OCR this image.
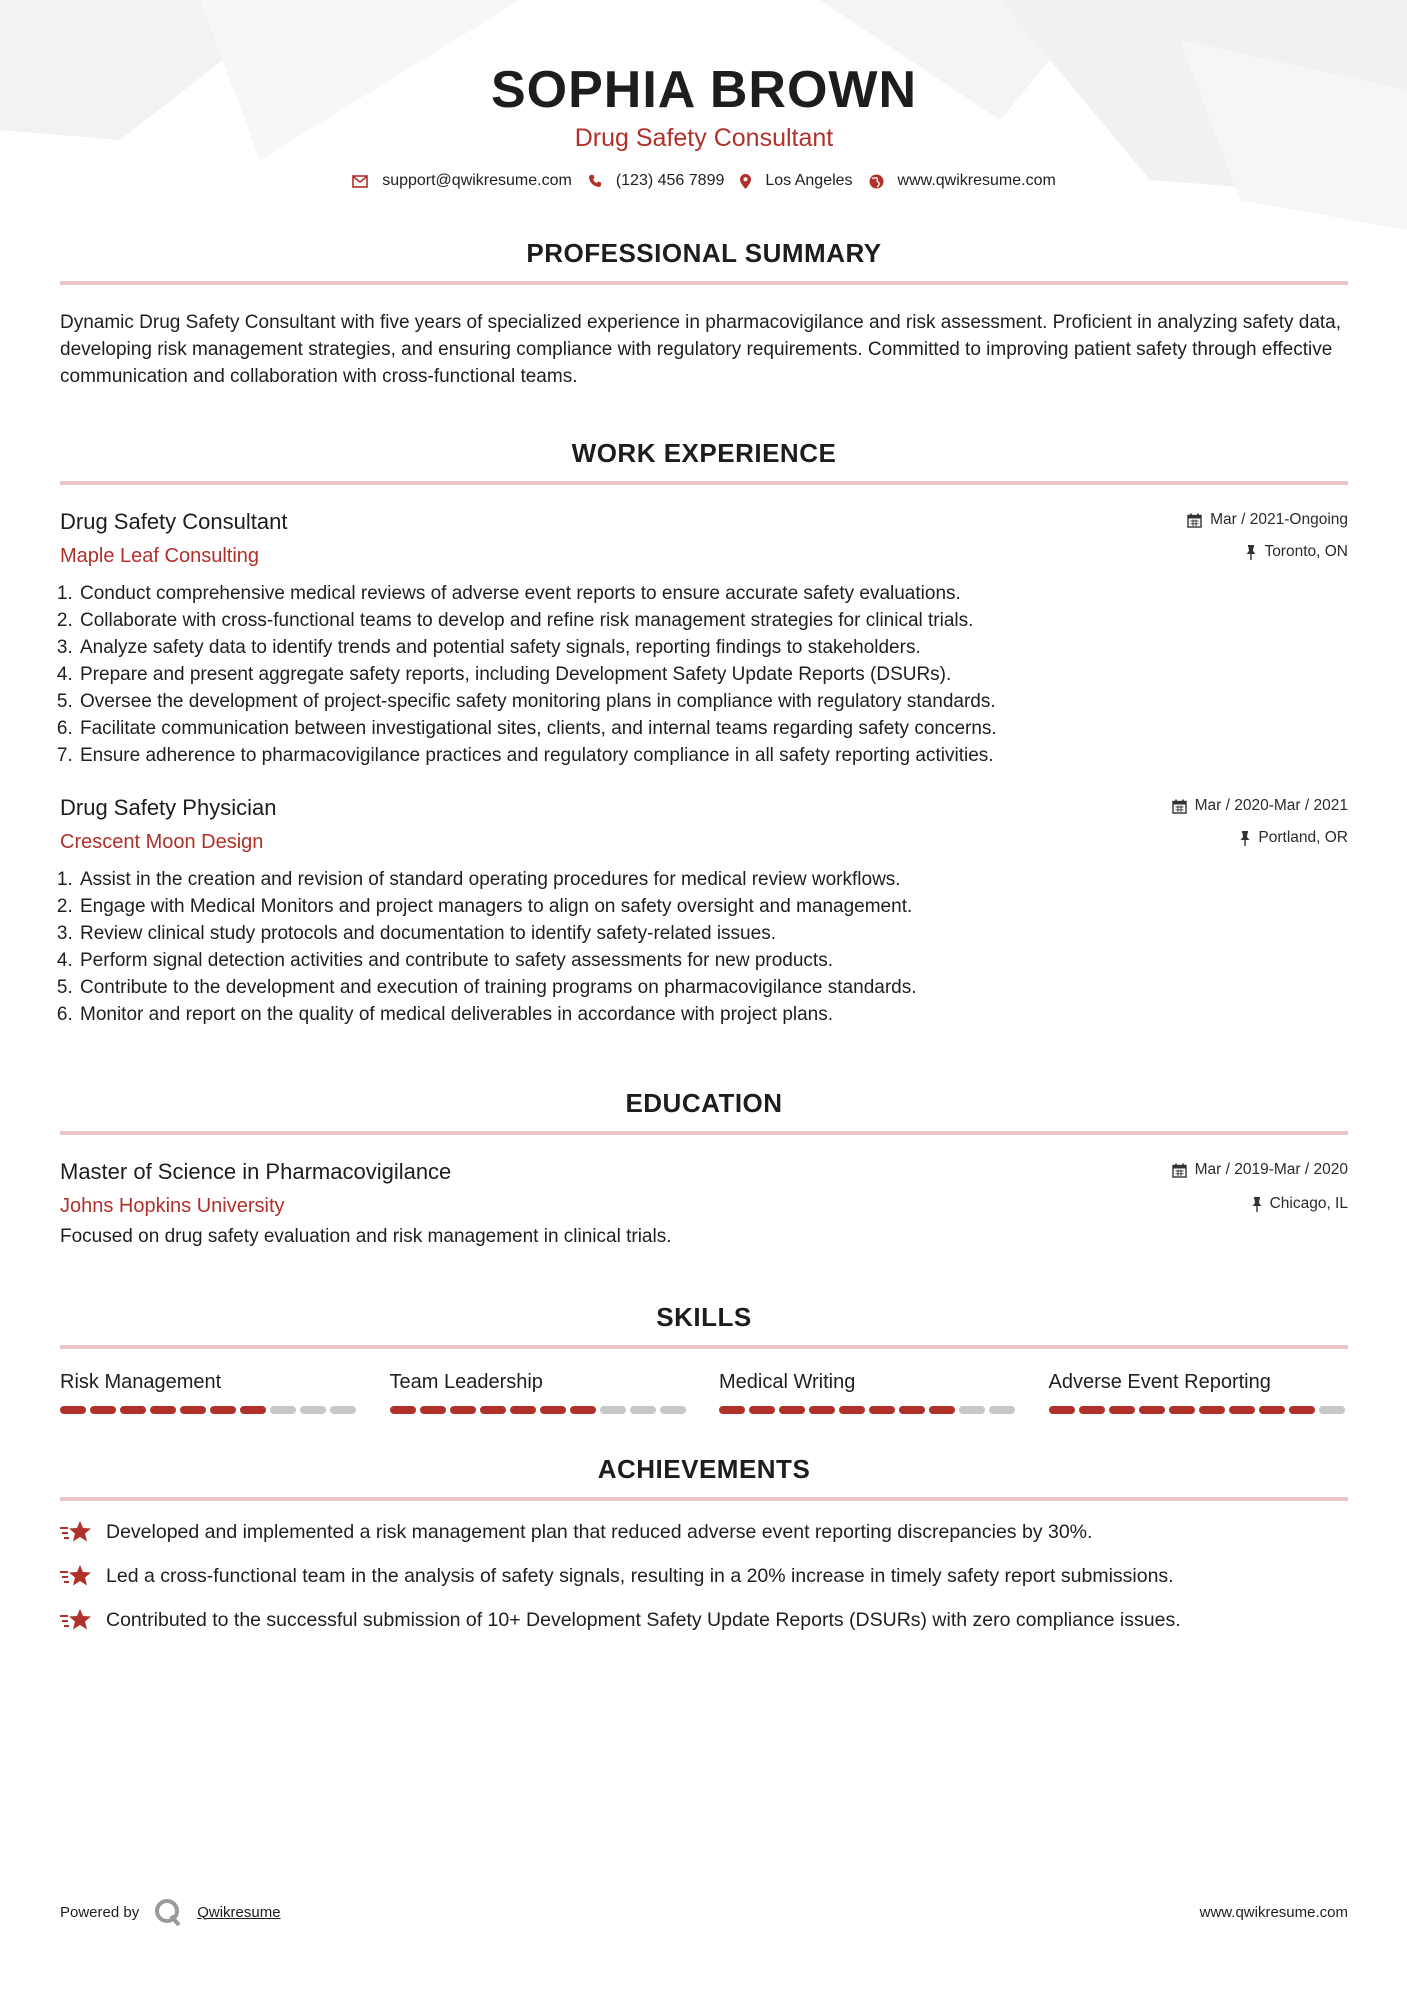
SOPHIA BROWN
Drug Safety Consultant
support@qwikresume.com	(123) 456 7899	Los Angeles	www.qwikresume.com
PROFESSIONAL SUMMARY
Dynamic Drug Safety Consultant with five years of specialized experience in pharmacovigilance and risk assessment. Proficient in analyzing safety data, developing risk management strategies, and ensuring compliance with regulatory requirements. Committed to improving patient safety through effective communication and collaboration with cross-functional teams.
WORK EXPERIENCE
Mar / 2021-Ongoing
Toronto, ON
Drug Safety Consultant
Maple Leaf Consulting
1. Conduct comprehensive medical reviews of adverse event reports to ensure accurate safety evaluations.
2. Collaborate with cross-functional teams to develop and refine risk management strategies for clinical trials.
3. Analyze safety data to identify trends and potential safety signals, reporting findings to stakeholders.
4. Prepare and present aggregate safety reports, including Development Safety Update Reports (DSURs).
5. Oversee the development of project-specific safety monitoring plans in compliance with regulatory standards.
6. Facilitate communication between investigational sites, clients, and internal teams regarding safety concerns.
7. Ensure adherence to pharmacovigilance practices and regulatory compliance in all safety reporting activities.
Mar / 2020-Mar / 2021
Portland, OR
Drug Safety Physician
Crescent Moon Design
1. Assist in the creation and revision of standard operating procedures for medical review workflows.
2. Engage with Medical Monitors and project managers to align on safety oversight and management.
3. Review clinical study protocols and documentation to identify safety-related issues.
4. Perform signal detection activities and contribute to safety assessments for new products.
5. Contribute to the development and execution of training programs on pharmacovigilance standards.
6. Monitor and report on the quality of medical deliverables in accordance with project plans.
EDUCATION
Mar / 2019-Mar / 2020
Chicago, IL
Master of Science in Pharmacovigilance
Johns Hopkins University
Focused on drug safety evaluation and risk management in clinical trials.
SKILLS
Risk Management	Team Leadership	Medical Writing	Adverse Event Reporting
ACHIEVEMENTS
Developed and implemented a risk management plan that reduced adverse event reporting discrepancies by 30%.
Led a cross-functional team in the analysis of safety signals, resulting in a 20% increase in timely safety report submissions.
Contributed to the successful submission of 10+ Development Safety Update Reports (DSURs) with zero compliance issues.
Powered by	Qwikresume	www.qwikresume.com
